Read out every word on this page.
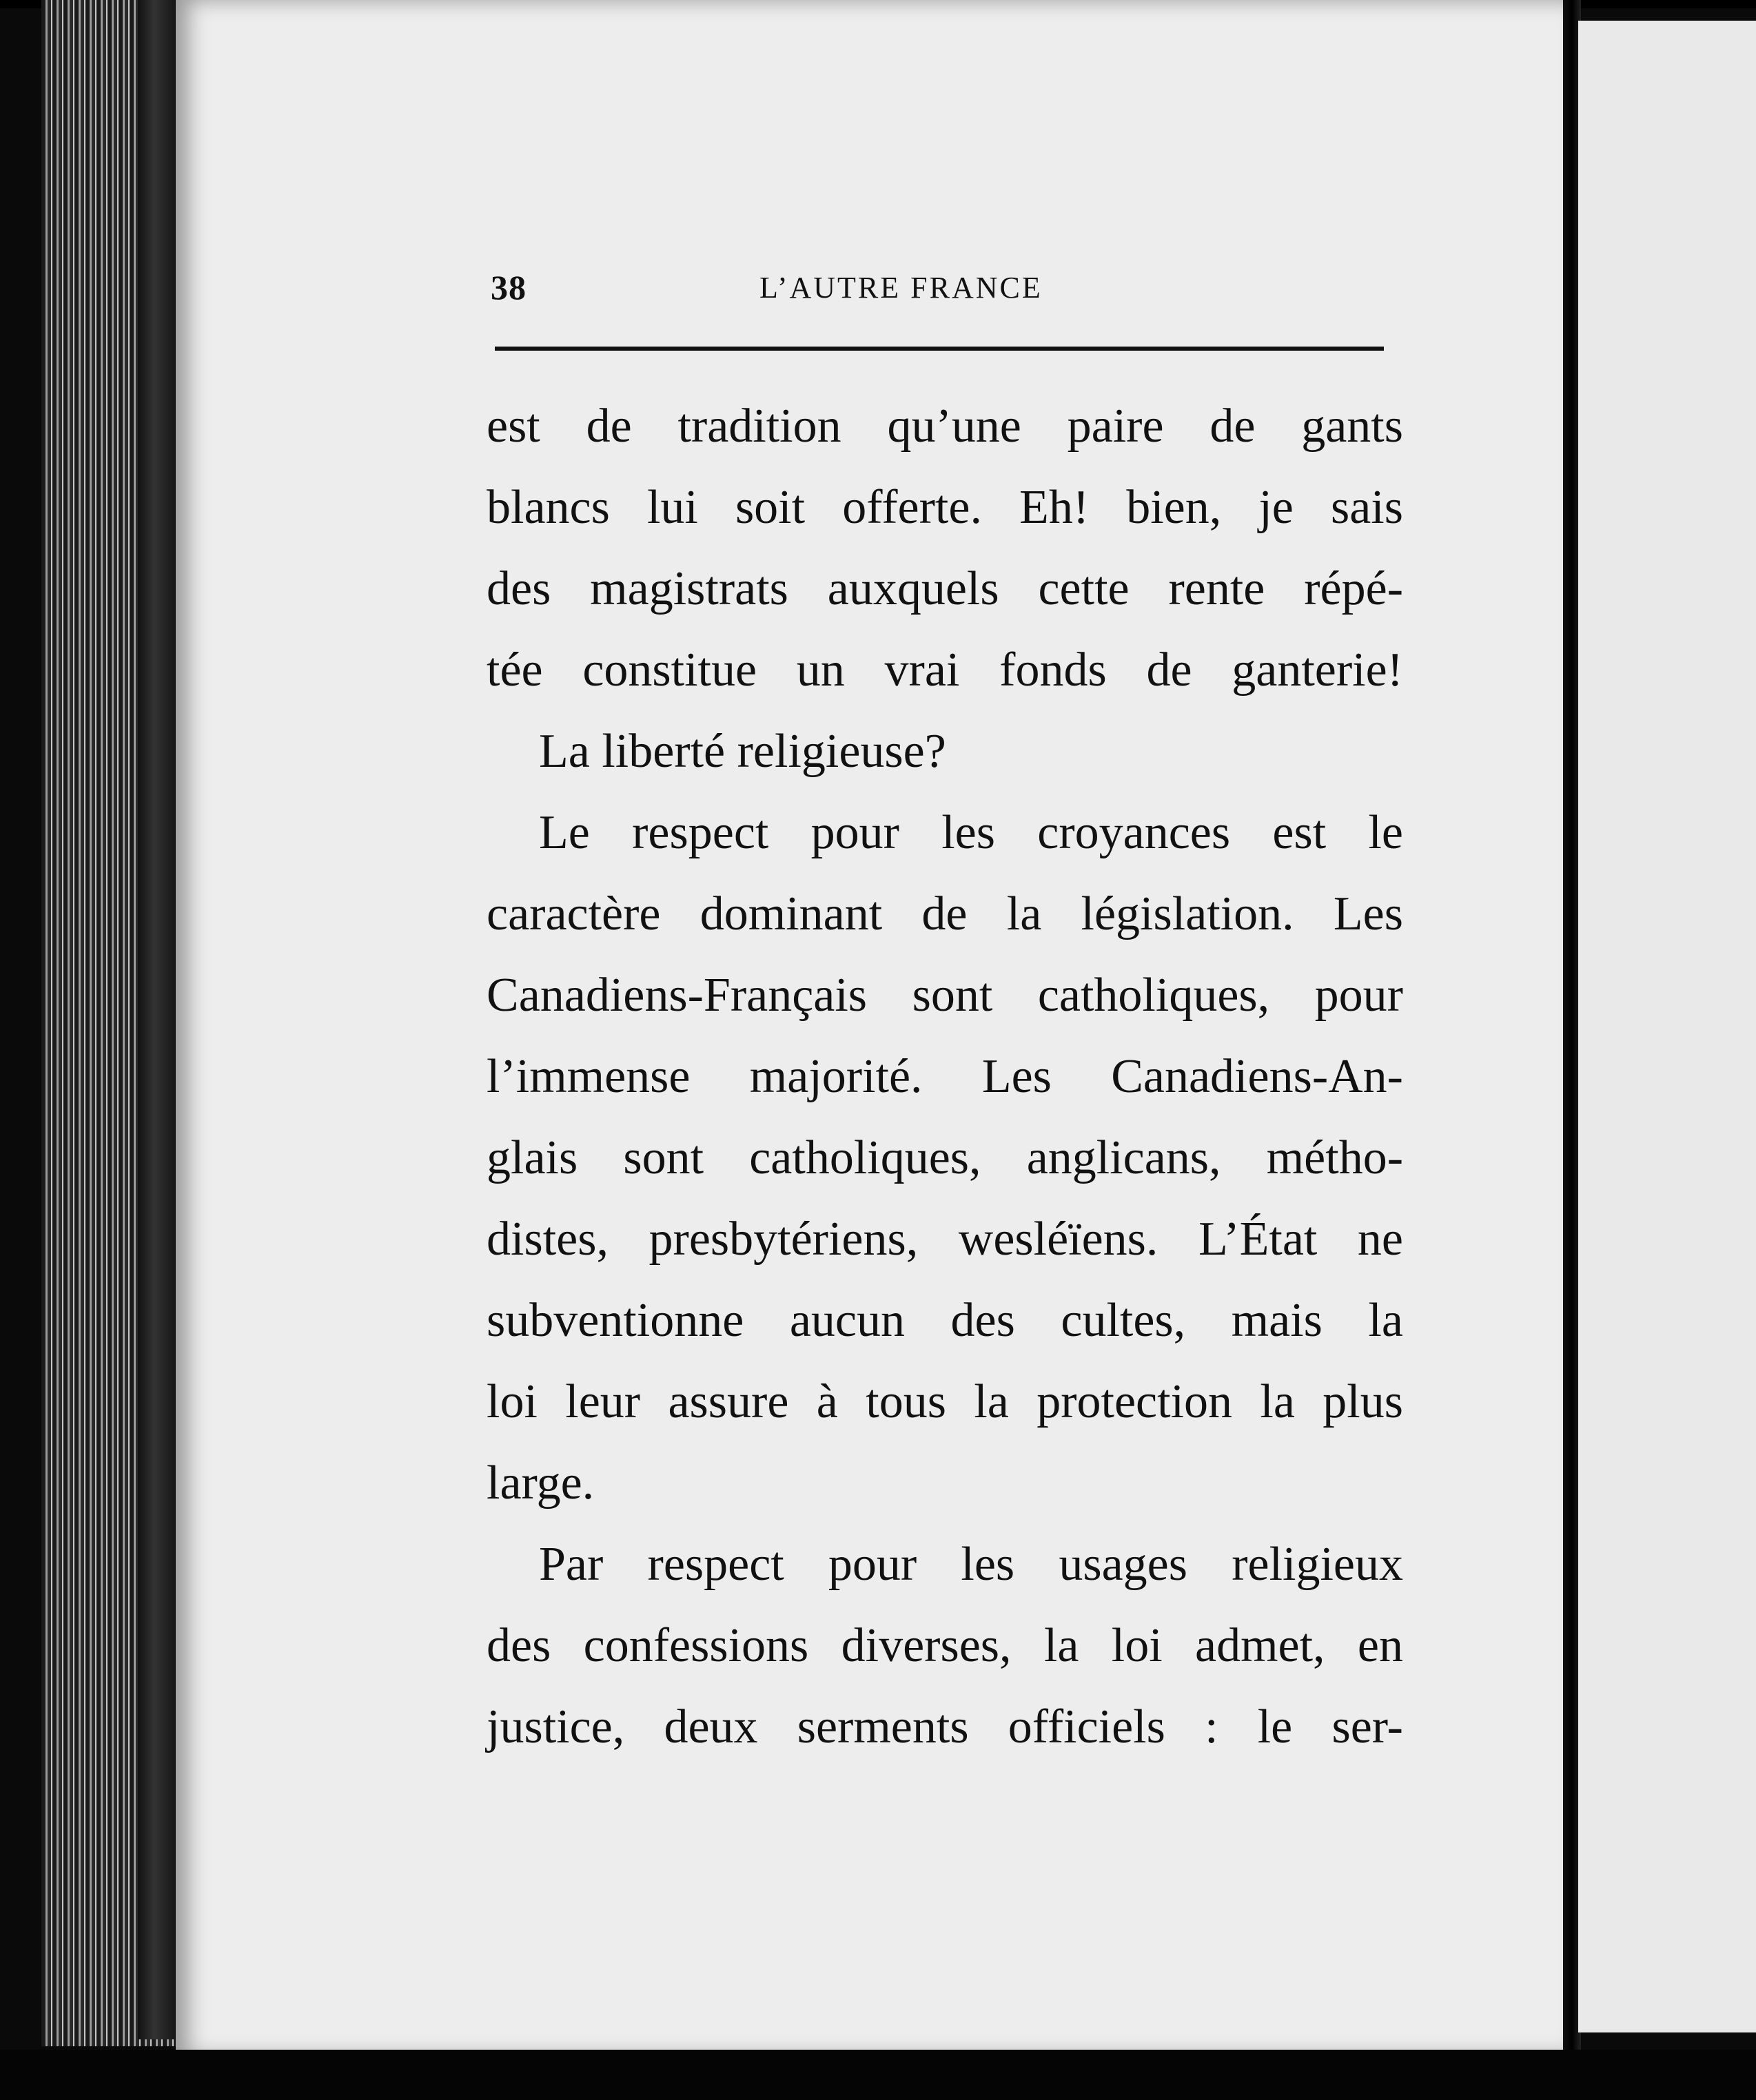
38	L’AUTRE FRANCE
est de tradition qu’une paire de gants
blancs lui soit offerte. Eh! bien, je sais
des magistrats auxquels cette rente répé-
tée constitue un vrai fonds de ganterie!
La liberté religieuse?
Le respect pour les croyances est le
caractère dominant de la législation. Les
Canadiens-Français sont catholiques, pour
l’immense majorité. Les Canadiens-An-
glais sont catholiques, anglicans, métho-
distes, presbytériens, wesléïens. L’État ne
subventionne aucun des cultes, mais la
loi leur assure à tous la protection la plus
large.
Par respect pour les usages religieux
des confessions diverses, la loi admet, en
justice, deux serments officiels : le ser-
